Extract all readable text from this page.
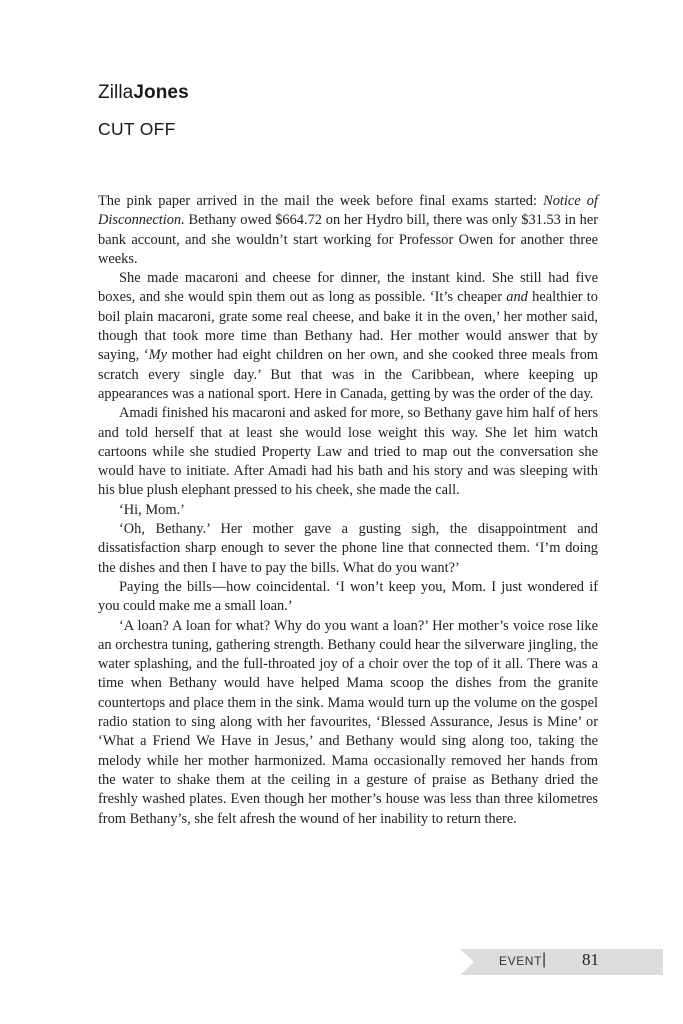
ZillaJones
CUT OFF

The pink paper arrived in the mail the week before final exams started: Notice of Disconnection. Bethany owed $664.72 on her Hydro bill, there was only $31.53 in her bank account, and she wouldn’t start working for Professor Owen for another three weeks.

She made macaroni and cheese for dinner, the instant kind. She still had five boxes, and she would spin them out as long as possible. ‘It’s cheaper and healthier to boil plain macaroni, grate some real cheese, and bake it in the oven,’ her mother said, though that took more time than Bethany had. Her mother would answer that by saying, ‘My mother had eight children on her own, and she cooked three meals from scratch every single day.’ But that was in the Caribbean, where keeping up appearances was a national sport. Here in Canada, getting by was the order of the day.

Amadi finished his macaroni and asked for more, so Bethany gave him half of hers and told herself that at least she would lose weight this way. She let him watch cartoons while she studied Property Law and tried to map out the conversation she would have to initiate. After Amadi had his bath and his story and was sleeping with his blue plush elephant pressed to his cheek, she made the call.

‘Hi, Mom.’

‘Oh, Bethany.’ Her mother gave a gusting sigh, the disappointment and dissatisfaction sharp enough to sever the phone line that connected them. ‘I’m doing the dishes and then I have to pay the bills. What do you want?’

Paying the bills—how coincidental. ‘I won’t keep you, Mom. I just wondered if you could make me a small loan.’

‘A loan? A loan for what? Why do you want a loan?’ Her mother’s voice rose like an orchestra tuning, gathering strength. Bethany could hear the silverware jingling, the water splashing, and the full-throated joy of a choir over the top of it all. There was a time when Bethany would have helped Mama scoop the dishes from the granite countertops and place them in the sink. Mama would turn up the volume on the gospel radio station to sing along with her favourites, ‘Blessed Assurance, Jesus is Mine’ or ‘What a Friend We Have in Jesus,’ and Bethany would sing along too, taking the melody while her mother harmonized. Mama occasionally removed her hands from the water to shake them at the ceiling in a gesture of praise as Bethany dried the freshly washed plates. Even though her mother’s house was less than three kilometres from Bethany’s, she felt afresh the wound of her inability to return there.

EVENT | 81
